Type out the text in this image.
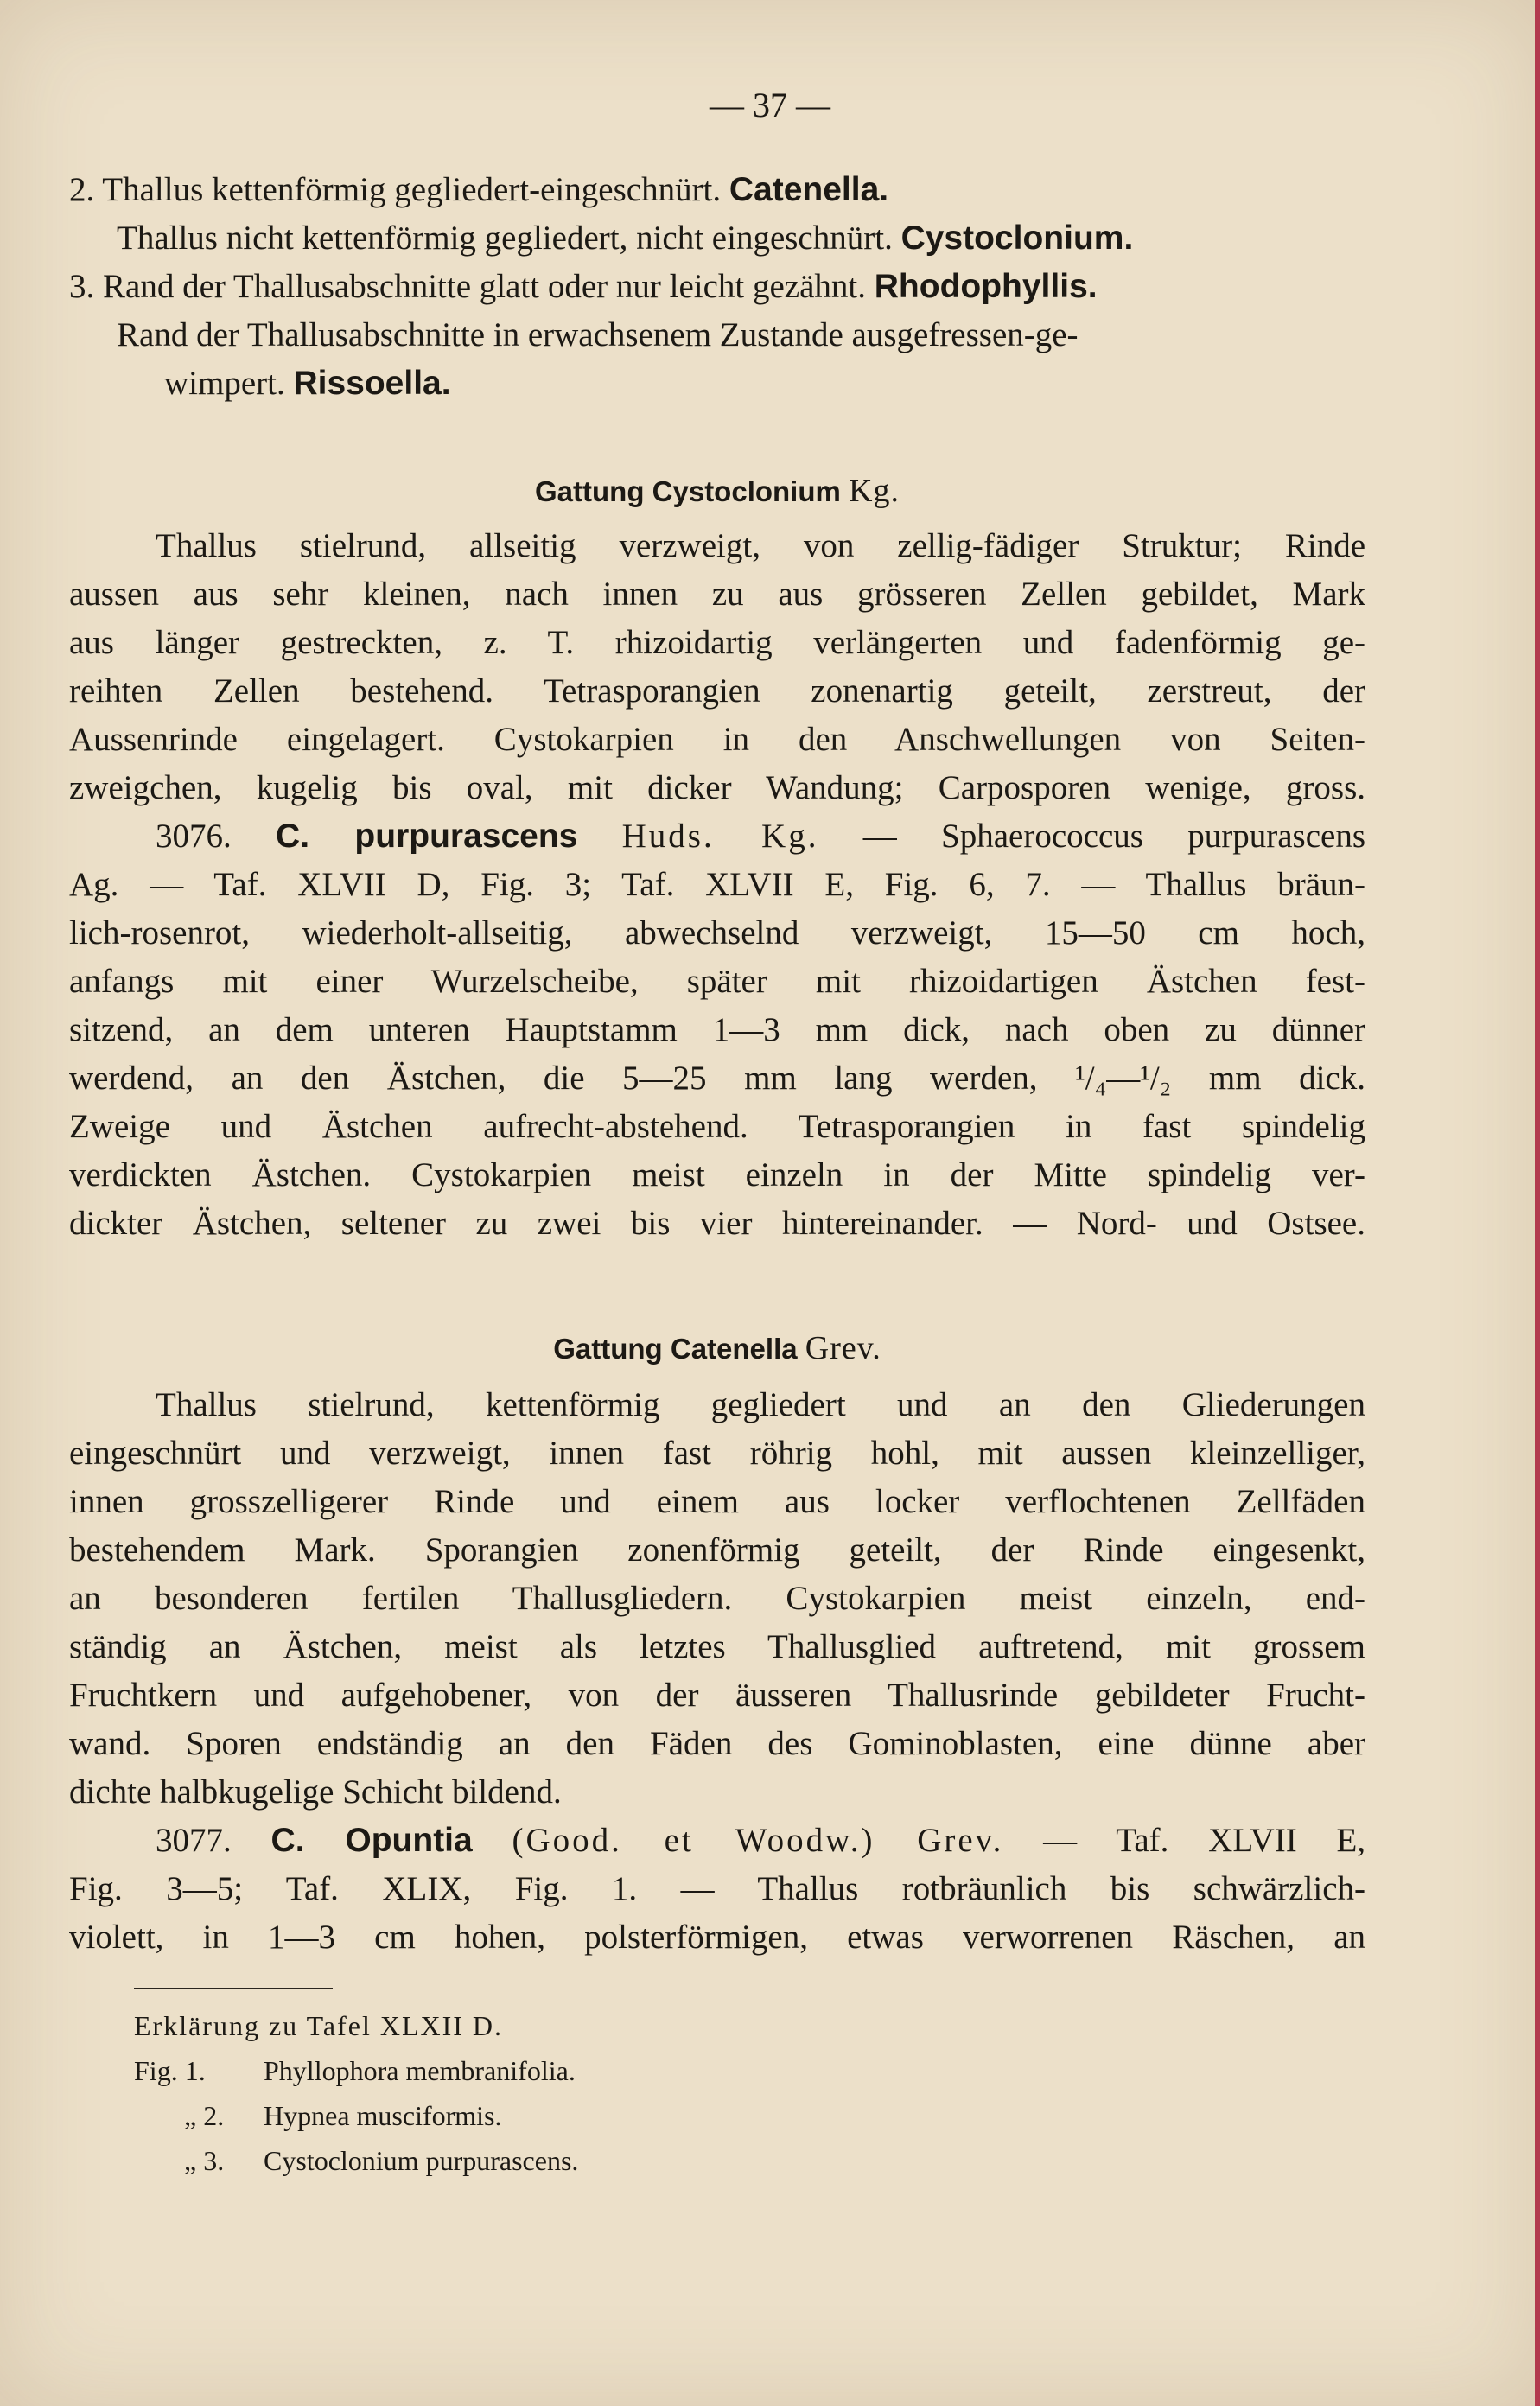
— 37 —
2. Thallus kettenförmig gegliedert-eingeschnürt. Catenella.
Thallus nicht kettenförmig gegliedert, nicht eingeschnürt. Cystoclonium.
3. Rand der Thallusabschnitte glatt oder nur leicht gezähnt. Rhodophyllis.
Rand der Thallusabschnitte in erwachsenem Zustande ausgefressen-ge-
wimpert. Rissoella.
Gattung Cystoclonium Kg.
Thallus stielrund, allseitig verzweigt, von zellig-fädiger Struktur; Rinde
aussen aus sehr kleinen, nach innen zu aus grösseren Zellen gebildet, Mark
aus länger gestreckten, z. T. rhizoidartig verlängerten und fadenförmig ge-
reihten Zellen bestehend. Tetrasporangien zonenartig geteilt, zerstreut, der
Aussenrinde eingelagert. Cystokarpien in den Anschwellungen von Seiten-
zweigchen, kugelig bis oval, mit dicker Wandung; Carposporen wenige, gross.
3076. C. purpurascens Huds. Kg. — Sphaerococcus purpurascens
Ag. — Taf. XLVII D, Fig. 3; Taf. XLVII E, Fig. 6, 7. — Thallus bräun-
lich-rosenrot, wiederholt-allseitig, abwechselnd verzweigt, 15—50 cm hoch,
anfangs mit einer Wurzelscheibe, später mit rhizoidartigen Ästchen fest-
sitzend, an dem unteren Hauptstamm 1—3 mm dick, nach oben zu dünner
werdend, an den Ästchen, die 5—25 mm lang werden, ¹/₄—¹/₂ mm dick.
Zweige und Ästchen aufrecht-abstehend. Tetrasporangien in fast spindelig
verdickten Ästchen. Cystokarpien meist einzeln in der Mitte spindelig ver-
dickter Ästchen, seltener zu zwei bis vier hintereinander. — Nord- und Ostsee.
Gattung Catenella Grev.
Thallus stielrund, kettenförmig gegliedert und an den Gliederungen
eingeschnürt und verzweigt, innen fast röhrig hohl, mit aussen kleinzelliger,
innen grosszelligerer Rinde und einem aus locker verflochtenen Zellfäden
bestehendem Mark. Sporangien zonenförmig geteilt, der Rinde eingesenkt,
an besonderen fertilen Thallusgliedern. Cystokarpien meist einzeln, end-
ständig an Ästchen, meist als letztes Thallusglied auftretend, mit grossem
Fruchtkern und aufgehobener, von der äusseren Thallusrinde gebildeter Frucht-
wand. Sporen endständig an den Fäden des Gominoblasten, eine dünne aber
dichte halbkugelige Schicht bildend.
3077. C. Opuntia (Good. et Woodw.) Grev. — Taf. XLVII E,
Fig. 3—5; Taf. XLIX, Fig. 1. — Thallus rotbräunlich bis schwärzlich-
violett, in 1—3 cm hohen, polsterförmigen, etwas verworrenen Räschen, an
Erklärung zu Tafel XLXII D.
Fig. 1. Phyllophora membranifolia.
„ 2. Hypnea musciformis.
„ 3. Cystoclonium purpurascens.
